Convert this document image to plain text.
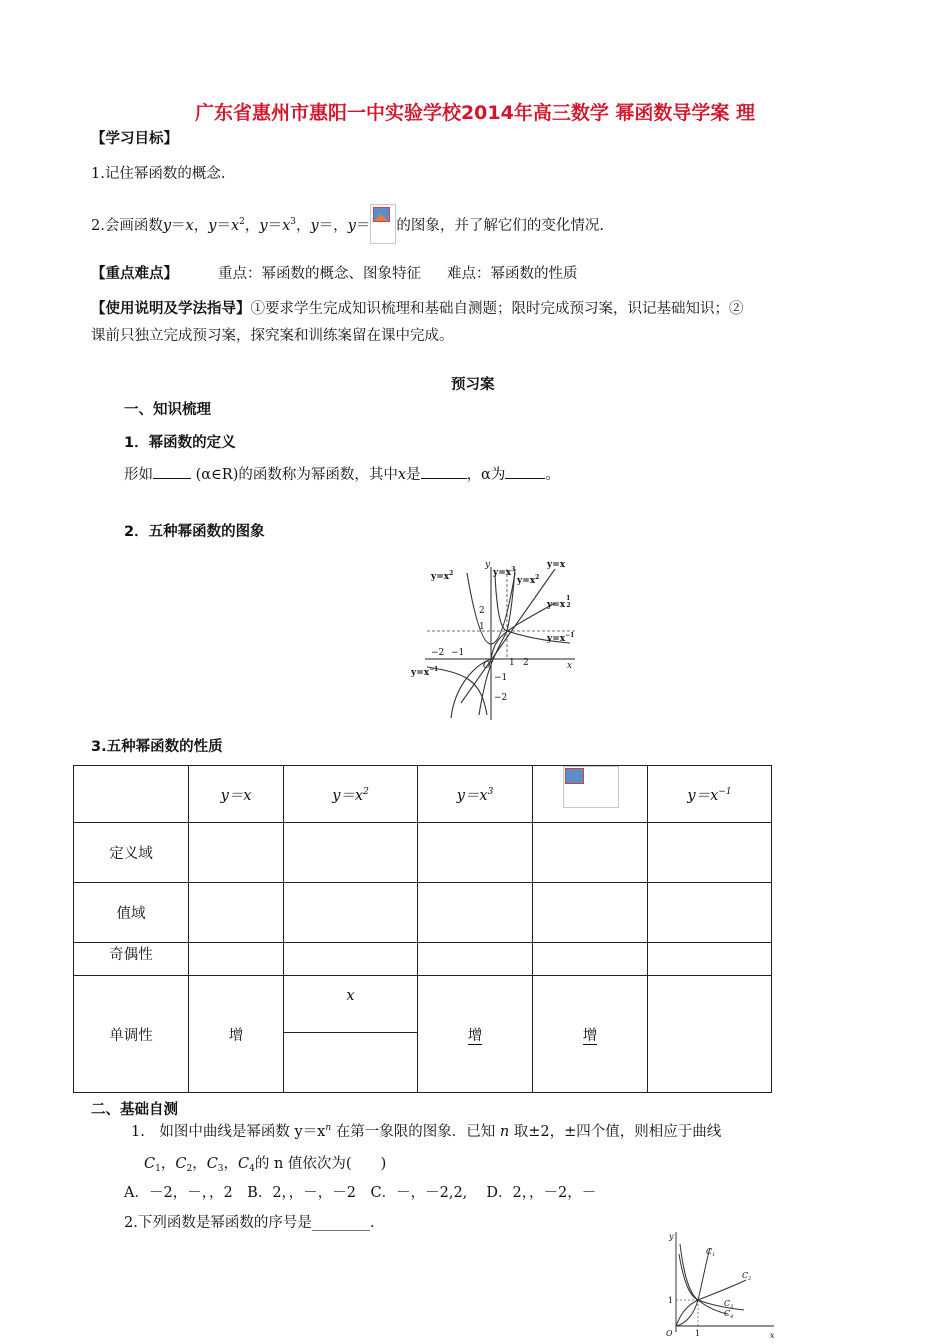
广东省惠州市惠阳一中实验学校2014年高三数学 幂函数导学案 理
【学习目标】
1.记住幂函数的概念.
2.会画函数y＝x，$y=x^2$，$y=x^3$，y＝，y＝ 的图象，并了解它们的变化情况.
【重点难点】	重点：幂函数的概念、图象特征 难点：幂函数的性质
【使用说明及学法指导】①要求学生完成知识梳理和基础自测题；限时完成预习案，识记基础知识；②
课前只独立完成预习案，探究案和训练案留在课中完成。
预习案
一、知识梳理
1．幂函数的定义
形如	(α∈R)的函数称为幂函数，其中x是	，α为	。
2．五种幂函数的图象
y
x
O
2
1
−1
−2
−2 −1
1 2
$y=x^2$	$y=x^3$
$y=x^2$
y=x
$y=x^1$ 2
$y=x^{-1}$
$y=x^{-1}$
3.五种幂函数的性质
	y＝x	$y=x^2$	$y=x^3$		$y=x^{-1}$
定义域					
值域					
奇偶性					
单调性	增	x	增	增	

二、基础自测
1.　如图中曲线是幂函数 $y=x^n$ 在第一象限的图象．已知 n 取±2，±四个值，则相应于曲线
$C_1$，$C_2$，$C_3$，$C_4$的 n 值依次为(　　)
A．－2，－，，2　B．2，，－，－2　C．－，－2,2,　 D．2，，－2，－
2.下列函数是幂函数的序号是________.
y
x
O
1
1
$C_1$
$C_2$
$C_3$
$C_4$
